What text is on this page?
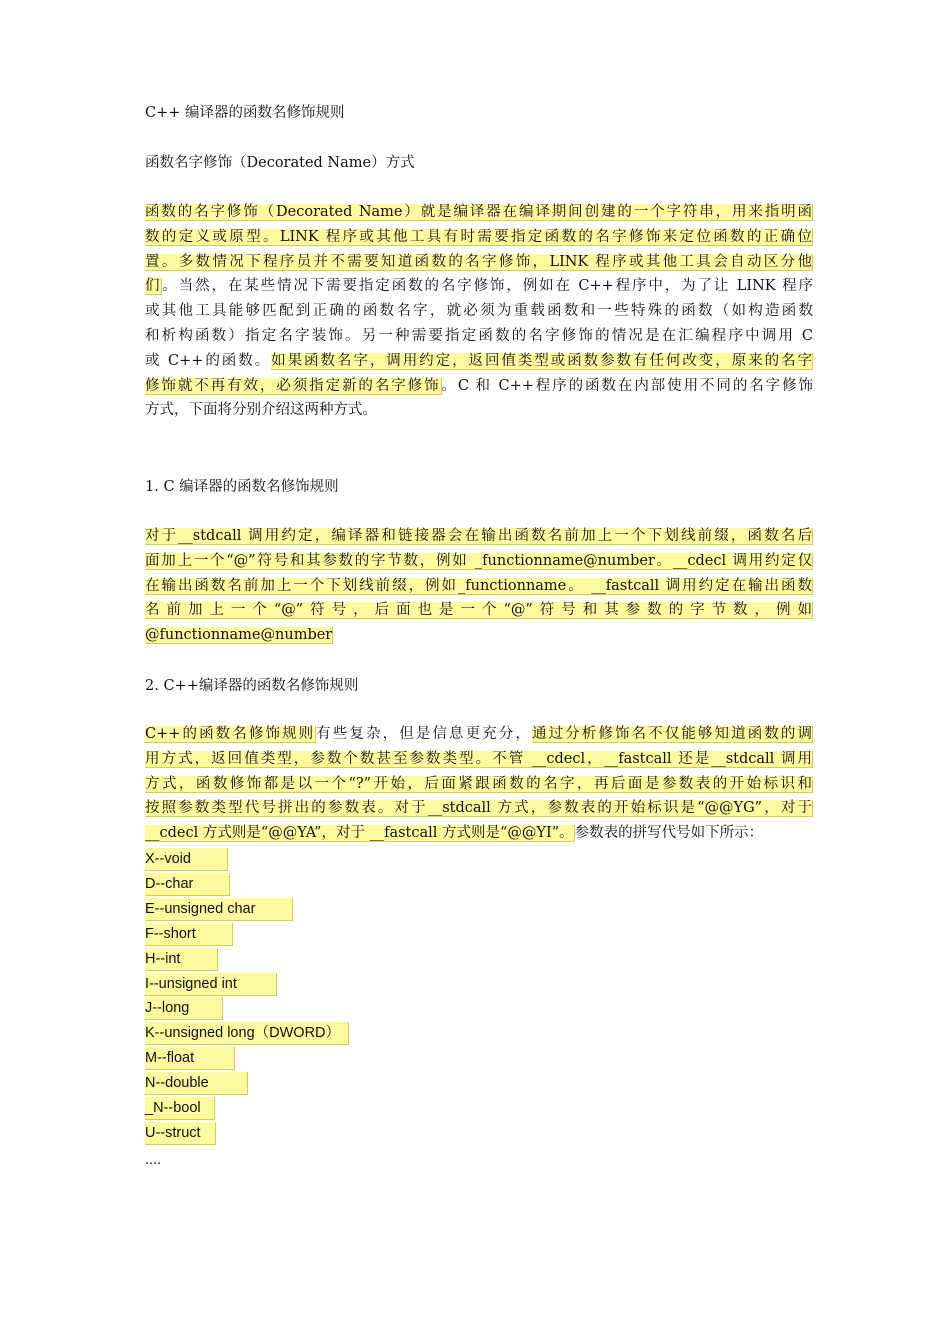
C++ 编译器的函数名修饰规则
函数名字修饰（Decorated Name）方式
函数的名字修饰（Decorated Name）就是编译器在编译期间创建的一个字符串，用来指明函
数的定义或原型。LINK 程序或其他工具有时需要指定函数的名字修饰来定位函数的正确位
置。多数情况下程序员并不需要知道函数的名字修饰，LINK 程序或其他工具会自动区分他
们。当然，在某些情况下需要指定函数的名字修饰，例如在 C++程序中，为了让 LINK 程序
或其他工具能够匹配到正确的函数名字，就必须为重载函数和一些特殊的函数（如构造函数
和析构函数）指定名字装饰。另一种需要指定函数的名字修饰的情况是在汇编程序中调用 C
或 C++的函数。如果函数名字，调用约定，返回值类型或函数参数有任何改变，原来的名字
修饰就不再有效，必须指定新的名字修饰。C 和 C++程序的函数在内部使用不同的名字修饰
方式，下面将分别介绍这两种方式。
1. C 编译器的函数名修饰规则
对于__stdcall 调用约定，编译器和链接器会在输出函数名前加上一个下划线前缀，函数名后
面加上一个“@”符号和其参数的字节数，例如 _functionname@number。__cdecl 调用约定仅
在输出函数名前加上一个下划线前缀，例如_functionname。 __fastcall 调用约定在输出函数
名前加上一个“@”符号，后面也是一个“@”符号和其参数的字节数，例如
@functionname@number
2. C++编译器的函数名修饰规则
C++的函数名修饰规则有些复杂，但是信息更充分，通过分析修饰名不仅能够知道函数的调
用方式，返回值类型，参数个数甚至参数类型。不管 __cdecl，__fastcall 还是__stdcall 调用
方式，函数修饰都是以一个“?”开始，后面紧跟函数的名字，再后面是参数表的开始标识和
按照参数类型代号拼出的参数表。对于__stdcall 方式，参数表的开始标识是“@@YG”，对于
__cdecl 方式则是“@@YA”，对于 __fastcall 方式则是“@@YI”。参数表的拼写代号如下所示：
X--void
D--char
E--unsigned char
F--short
H--int
I--unsigned int
J--long
K--unsigned long（DWORD）
M--float
N--double
_N--bool
U--struct
....
